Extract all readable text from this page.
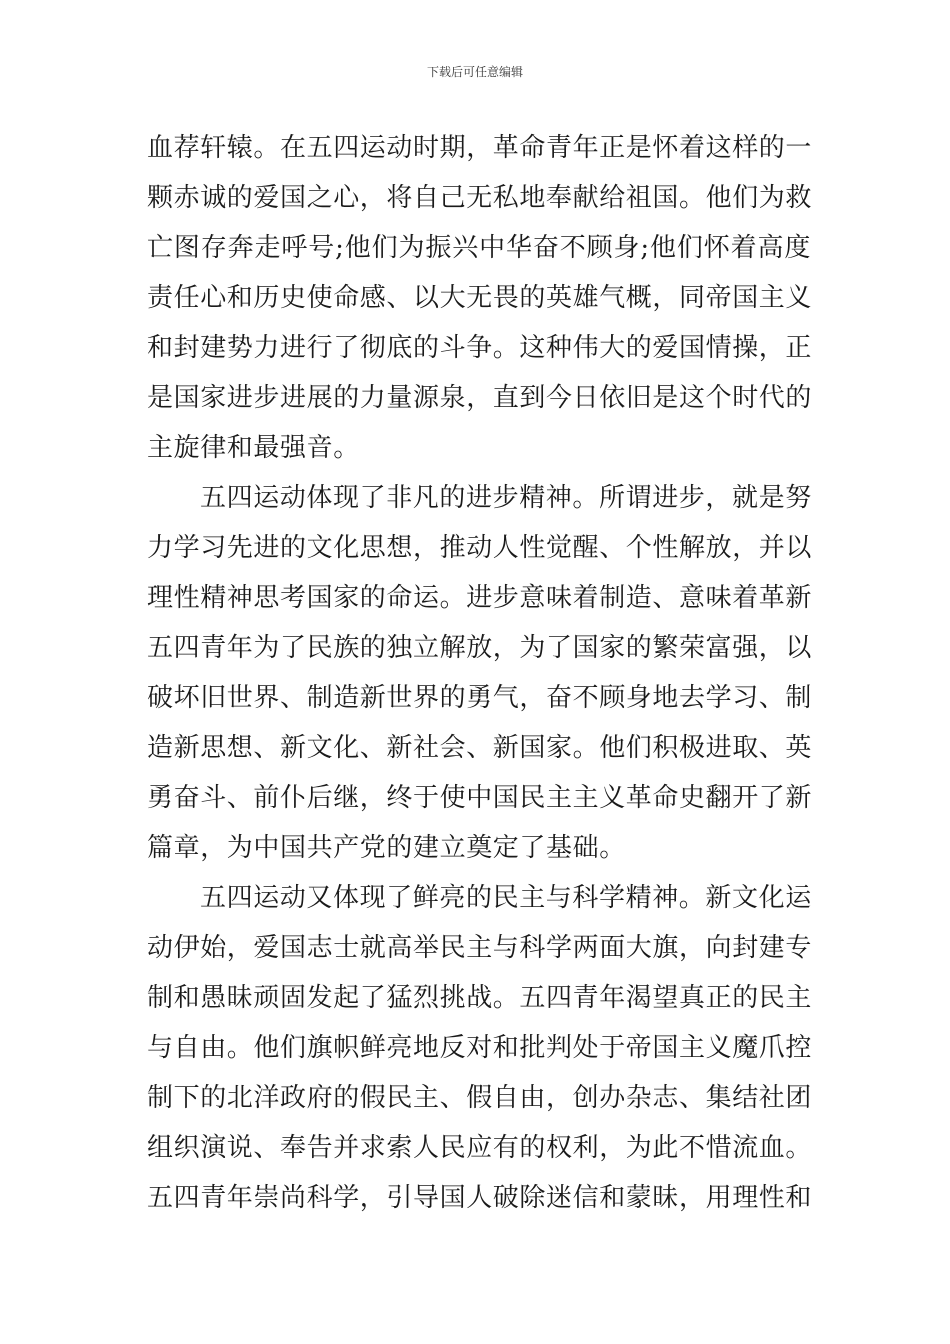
下载后可任意编辑
血荐轩辕。在五四运动时期，革命青年正是怀着这样的一
颗赤诚的爱国之心，将自己无私地奉献给祖国。他们为救
亡图存奔走呼号;他们为振兴中华奋不顾身;他们怀着高度
责任心和历史使命感、以大无畏的英雄气概，同帝国主义
和封建势力进行了彻底的斗争。这种伟大的爱国情操，正
是国家进步进展的力量源泉，直到今日依旧是这个时代的
主旋律和最强音。
五四运动体现了非凡的进步精神。所谓进步，就是努
力学习先进的文化思想，推动人性觉醒、个性解放，并以
理性精神思考国家的命运。进步意味着制造、意味着革新
五四青年为了民族的独立解放，为了国家的繁荣富强，以
破坏旧世界、制造新世界的勇气，奋不顾身地去学习、制
造新思想、新文化、新社会、新国家。他们积极进取、英
勇奋斗、前仆后继，终于使中国民主主义革命史翻开了新
篇章，为中国共产党的建立奠定了基础。
五四运动又体现了鲜亮的民主与科学精神。新文化运
动伊始，爱国志士就高举民主与科学两面大旗，向封建专
制和愚昧顽固发起了猛烈挑战。五四青年渴望真正的民主
与自由。他们旗帜鲜亮地反对和批判处于帝国主义魔爪控
制下的北洋政府的假民主、假自由，创办杂志、集结社团
组织演说、奉告并求索人民应有的权利，为此不惜流血。
五四青年崇尚科学，引导国人破除迷信和蒙昧，用理性和
